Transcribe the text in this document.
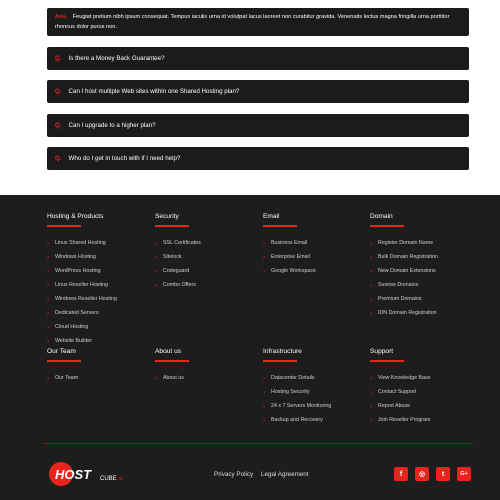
Ans. Feugiat pretium nibh ipsum consequat. Tempus iaculis urna id volutpat lacus laoreet non curabitur gravida. Venenatis lectus magna fringilla urna porttitor rhoncus dolor purus non.
Q. Is there a Money Back Guarantee?
Q. Can I host multiple Web sites within one Shared Hosting plan?
Q. Can I upgrade to a higher plan?
Q. Who do I get in touch with if I need help?
Hosting & Products
›	Linux Shared Hosting
›	Windows Hosting
›	WordPress Hosting
›	Linux Reseller Hosting
›	Windows Reseller Hosting
›	Dedicated Servers
›	Cloud Hosting
›	Website Builder
Security
›	SSL Certificates
›	Sitelock
›	Codeguard
›	Combo Offers
Email
›	Business Email
›	Enterprise Email
›	Google Workspace
Domain
›	Register Domain Name
›	Bulk Domain Registration
›	New Domain Extensions
›	Sunrise Domains
›	Premium Domains
›	IDN Domain Registration
Our Team
›	Our Team
About us
›	About us
Infrastructure
›	Datacenter Details
›	Hosting Security
›	24 x 7 Servers Monitoring
›	Backup and Recovery
Support
›	View Knowledge Base
›	Contact Support
›	Report Abuse
›	Join Reseller Program
HOST CUBE .in
Privacy Policy Legal Agreement	f ◎ t	G+
